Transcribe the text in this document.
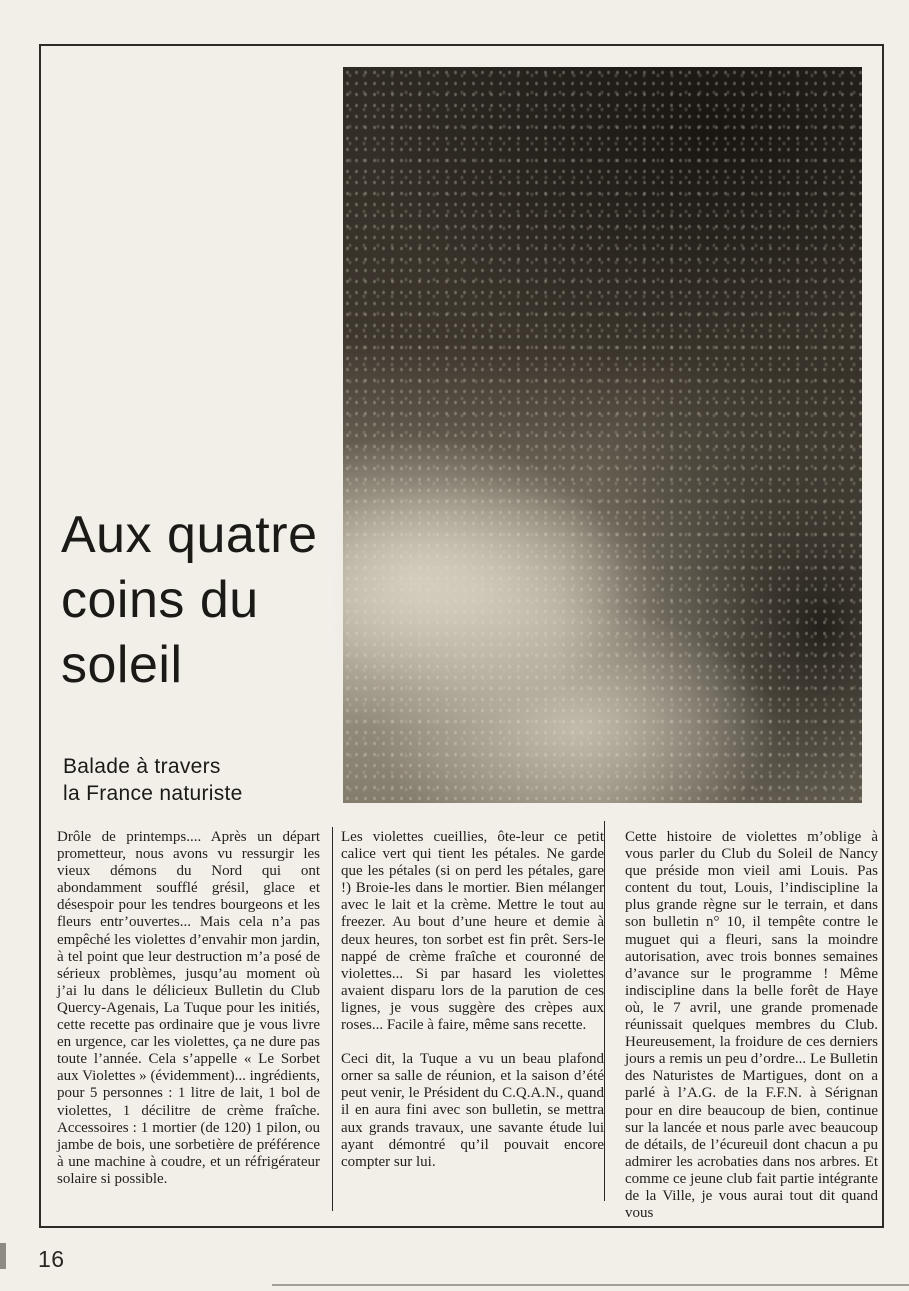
Aux quatre
coins du
soleil
Balade à travers
la France naturiste

Drôle de printemps.... Après un départ prometteur, nous avons vu ressurgir les vieux démons du Nord qui ont abondamment soufflé grésil, glace et désespoir pour les tendres bourgeons et les fleurs entr’ouvertes... Mais cela n’a pas empêché les violettes d’envahir mon jardin, à tel point que leur destruction m’a posé de sérieux problèmes, jusqu’au moment où j’ai lu dans le délicieux Bulletin du Club Quercy-Agenais, La Tuque pour les initiés, cette recette pas ordinaire que je vous livre en urgence, car les violettes, ça ne dure pas toute l’année. Cela s’appelle « Le Sorbet aux Violettes » (évidemment)... ingrédients, pour 5 personnes : 1 litre de lait, 1 bol de violettes, 1 décilitre de crème fraîche. Accessoires : 1 mortier (de 120) 1 pilon, ou jambe de bois, une sorbetière de préférence à une machine à coudre, et un réfrigérateur solaire si possible.

Les violettes cueillies, ôte-leur ce petit calice vert qui tient les pétales. Ne garde que les pétales (si on perd les pétales, gare !) Broie-les dans le mortier. Bien mélanger avec le lait et la crème. Mettre le tout au freezer. Au bout d’une heure et demie à deux heures, ton sorbet est fin prêt. Sers-le nappé de crème fraîche et couronné de violettes... Si par hasard les violettes avaient disparu lors de la parution de ces lignes, je vous suggère des crèpes aux roses... Facile à faire, même sans recette.

Ceci dit, la Tuque a vu un beau plafond orner sa salle de réunion, et la saison d’été peut venir, le Président du C.Q.A.N., quand il en aura fini avec son bulletin, se mettra aux grands travaux, une savante étude lui ayant démontré qu’il pouvait encore compter sur lui.

Cette histoire de violettes m’oblige à vous parler du Club du Soleil de Nancy que préside mon vieil ami Louis. Pas content du tout, Louis, l’indiscipline la plus grande règne sur le terrain, et dans son bulletin n° 10, il tempête contre le muguet qui a fleuri, sans la moindre autorisation, avec trois bonnes semaines d’avance sur le programme ! Même indiscipline dans la belle forêt de Haye où, le 7 avril, une grande promenade réunissait quelques membres du Club. Heureusement, la froidure de ces derniers jours a remis un peu d’ordre... Le Bulletin des Naturistes de Martigues, dont on a parlé à l’A.G. de la F.F.N. à Sérignan pour en dire beaucoup de bien, continue sur la lancée et nous parle avec beaucoup de détails, de l’écureuil dont chacun a pu admirer les acrobaties dans nos arbres. Et comme ce jeune club fait partie intégrante de la Ville, je vous aurai tout dit quand vous

16
